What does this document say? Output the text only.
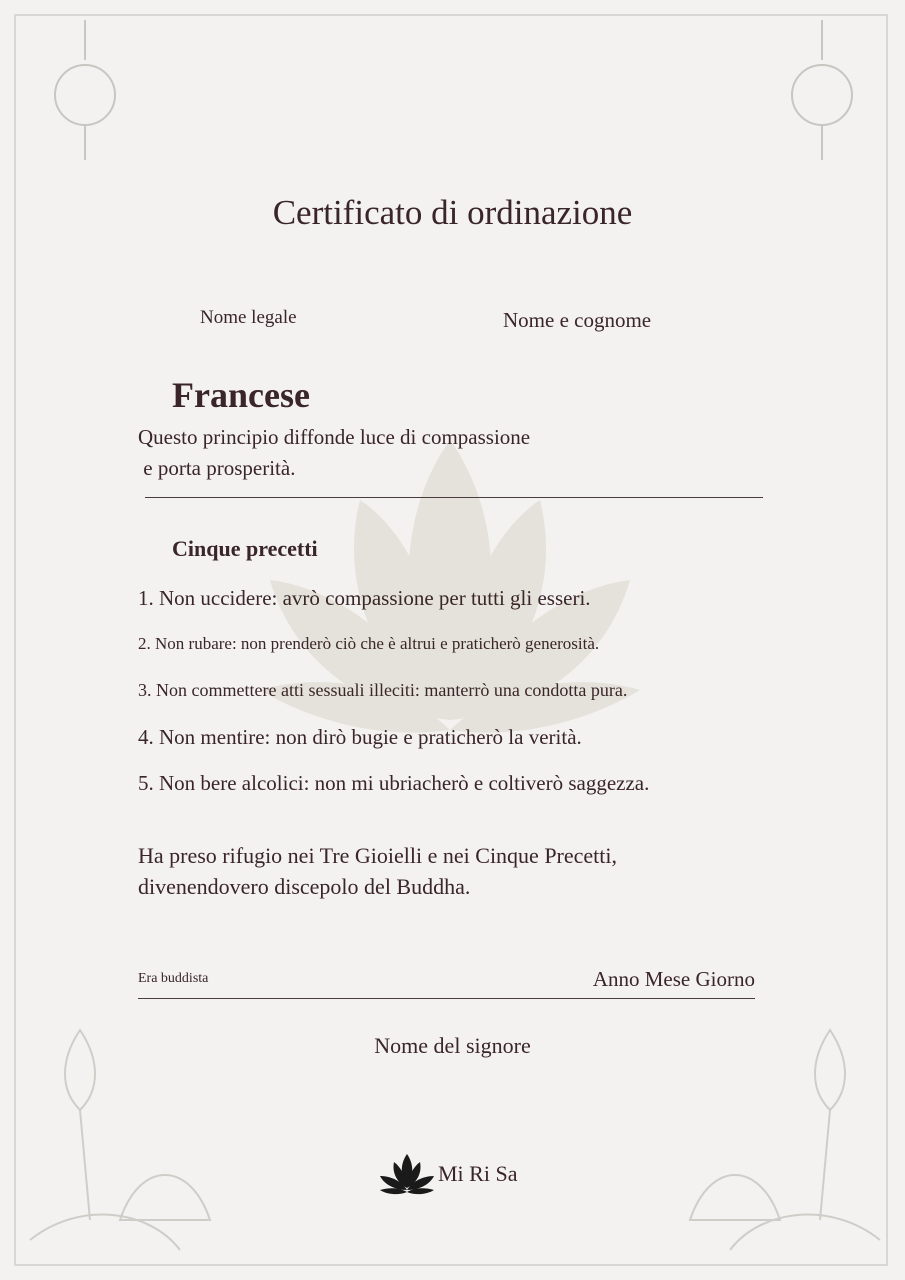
Certificato di ordinazione
Nome legale	Nome e cognome
Francese
Questo principio diffonde luce di compassione
e porta prosperità.
Cinque precetti
1. Non uccidere: avrò compassione per tutti gli esseri.
2. Non rubare: non prenderò ciò che è altrui e praticherò generosità.
3. Non commettere atti sessuali illeciti: manterrò una condotta pura.
4. Non mentire: non dirò bugie e praticherò la verità.
5. Non bere alcolici: non mi ubriacherò e coltiverò saggezza.
Ha preso rifugio nei Tre Gioielli e nei Cinque Precetti,
divenendovero discepolo del Buddha.
Era buddista	Anno Mese Giorno
Nome del signore
Mi Ri Sa
